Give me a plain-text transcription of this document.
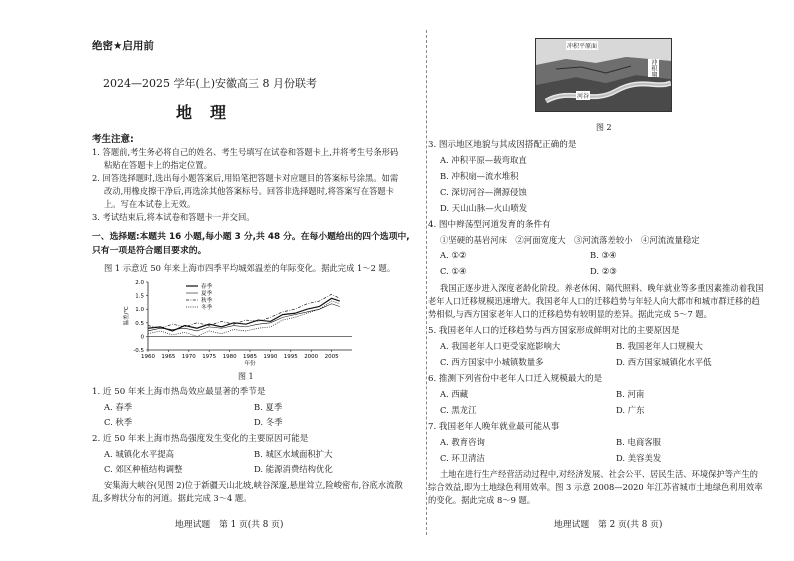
绝密★启用前
2024—2025 学年(上)安徽高三 8 月份联考
地理
考生注意:
1. 答题前,考生务必将自己的姓名、考生号填写在试卷和答题卡上,并将考生号条形码
粘贴在答题卡上的指定位置。
2. 回答选择题时,选出每小题答案后,用铅笔把答题卡对应题目的答案标号涂黑。如需
改动,用橡皮擦干净后,再选涂其他答案标号。回答非选择题时,将答案写在答题卡
上。写在本试卷上无效。
3. 考试结束后,将本试卷和答题卡一并交回。
一、选择题:本题共 16 小题,每小题 3 分,共 48 分。在每小题给出的四个选项中,只有一项是符合题目要求的。
图 1 示意近 50 年来上海市四季平均城郊温差的年际变化。据此完成 1～2 题。
-0.5
0
0.5
1.0
1.5
2.0
1960 1965 1970 1975 1980 1985 1990 1995 2000 2005
年份
温差/℃
春季
夏季
秋季
冬季
图 1
1. 近 50 年来上海市热岛效应最显著的季节是
A. 春季	B. 夏季
C. 秋季	D. 冬季
2. 近 50 年来上海市热岛强度发生变化的主要原因可能是
A. 城镇化水平提高	B. 城区水域面积扩大
C. 郊区种植结构调整	D. 能源消费结构优化
安集海大峡谷(见图 2)位于新疆天山北坡,峡谷深邃,悬崖耸立,险峻密布,谷底水流散
乱,多辫状分布的河道。据此完成 3～4 题。
地理试题　第 1 页(共 8 页)
冲积平原面
河谷
冲积扇
图 2
3. 图示地区地貌与其成因搭配正确的是
A. 冲积平原—载弯取直
B. 冲积扇—流水堆积
C. 深切河谷—溯源侵蚀
D. 天山山脉—火山喷发
4. 图中辫荡型河道发育的条件有
①坚硬的基岩河床　②河面宽度大　③河流落差较小　④河流流量稳定
A. ①②	B. ③④
C. ①④	D. ②③
我国正逐步进入深度老龄化阶段。养老休闲、隔代照料、晚年就业等多重因素推动着我国
老年人口迁移规模迅速增大。我国老年人口的迁移趋势与年轻人向大都市和城市群迁移的趋
势相似,与西方国家老年人口的迁移趋势有较明显的差异。据此完成 5～7 题。
5. 我国老年人口的迁移趋势与西方国家形成鲜明对比的主要原因是
A. 我国老年人口更受家庭影响大	B. 我国老年人口规模大
C. 西方国家中小城镇数量多	D. 西方国家城镇化水平低
6. 推测下列省份中老年人口迁入规模最大的是
A. 西藏	B. 河南
C. 黑龙江	D. 广东
7. 我国老年人晚年就业最可能从事
A. 教育咨询	B. 电商客服
C. 环卫清洁	D. 美容美发
土地在进行生产经营活动过程中,对经济发展、社会公平、居民生活、环境保护等产生的
综合效益,即为土地绿色利用效率。图 3 示意 2008—2020 年江苏省城市土地绿色利用效率
的变化。据此完成 8～9 题。
地理试题　第 2 页(共 8 页)
